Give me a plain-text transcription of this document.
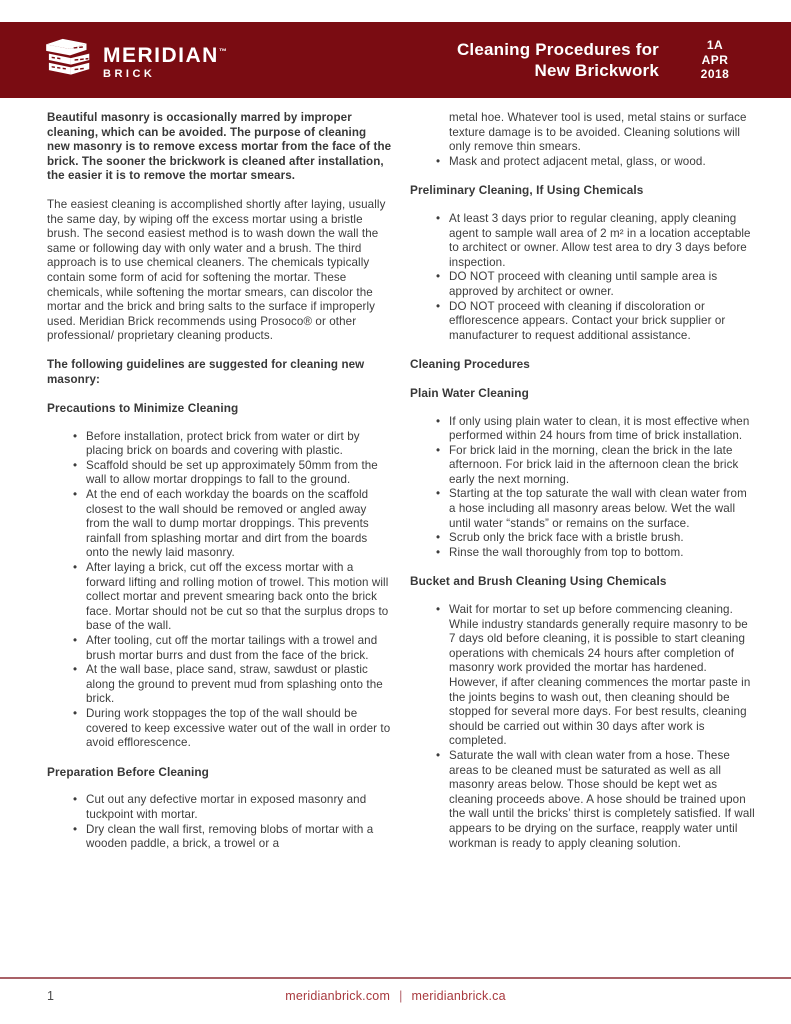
MERIDIAN™
BRICK
Cleaning Procedures for
New Brickwork
1A
APR
2018

Beautiful masonry is occasionally marred by improper cleaning, which can be avoided. The purpose of cleaning new masonry is to remove excess mortar from the face of the brick. The sooner the brickwork is cleaned after installation, the easier it is to remove the mortar smears.

The easiest cleaning is accomplished shortly after laying, usually the same day, by wiping off the excess mortar using a bristle brush. The second easiest method is to wash down the wall the same or following day with only water and a brush. The third approach is to use chemical cleaners. The chemicals typically contain some form of acid for softening the mortar. These chemicals, while softening the mortar smears, can discolor the mortar and the brick and bring salts to the surface if improperly used. Meridian Brick recommends using Prosoco® or other professional/ proprietary cleaning products.

The following guidelines are suggested for cleaning new masonry:

Precautions to Minimize Cleaning
• Before installation, protect brick from water or dirt by placing brick on boards and covering with plastic.
• Scaffold should be set up approximately 50mm from the wall to allow mortar droppings to fall to the ground.
• At the end of each workday the boards on the scaffold closest to the wall should be removed or angled away from the wall to dump mortar droppings. This prevents rainfall from splashing mortar and dirt from the boards onto the newly laid masonry.
• After laying a brick, cut off the excess mortar with a forward lifting and rolling motion of trowel. This motion will collect mortar and prevent smearing back onto the brick face. Mortar should not be cut so that the surplus drops to base of the wall.
• After tooling, cut off the mortar tailings with a trowel and brush mortar burrs and dust from the face of the brick.
• At the wall base, place sand, straw, sawdust or plastic along the ground to prevent mud from splashing onto the brick.
• During work stoppages the top of the wall should be covered to keep excessive water out of the wall in order to avoid efflorescence.
Preparation Before Cleaning
• Cut out any defective mortar in exposed masonry and tuckpoint with mortar.
• Dry clean the wall first, removing blobs of mortar with a wooden paddle, a brick, a trowel or a

metal hoe. Whatever tool is used, metal stains or surface texture damage is to be avoided. Cleaning solutions will only remove thin smears.

• Mask and protect adjacent metal, glass, or wood.
Preliminary Cleaning, If Using Chemicals
• At least 3 days prior to regular cleaning, apply cleaning agent to sample wall area of 2 m² in a location acceptable to architect or owner. Allow test area to dry 3 days before inspection.
• DO NOT proceed with cleaning until sample area is approved by architect or owner.
• DO NOT proceed with cleaning if discoloration or efflorescence appears. Contact your brick supplier or manufacturer to request additional assistance.
Cleaning Procedures
Plain Water Cleaning
• If only using plain water to clean, it is most effective when performed within 24 hours from time of brick installation.
• For brick laid in the morning, clean the brick in the late afternoon. For brick laid in the afternoon clean the brick early the next morning.
• Starting at the top saturate the wall with clean water from a hose including all masonry areas below. Wet the wall until water “stands” or remains on the surface.
• Scrub only the brick face with a bristle brush.
• Rinse the wall thoroughly from top to bottom.
Bucket and Brush Cleaning Using Chemicals
• Wait for mortar to set up before commencing cleaning. While industry standards generally require masonry to be 7 days old before cleaning, it is possible to start cleaning operations with chemicals 24 hours after completion of masonry work provided the mortar has hardened. However, if after cleaning commences the mortar paste in the joints begins to wash out, then cleaning should be stopped for several more days. For best results, cleaning should be carried out within 30 days after work is completed.
• Saturate the wall with clean water from a hose. These areas to be cleaned must be saturated as well as all masonry areas below. Those should be kept wet as cleaning proceeds above. A hose should be trained upon the wall until the bricks’ thirst is completely satisfied. If wall appears to be drying on the surface, reapply water until workman is ready to apply cleaning solution.
1	meridianbrick.com | meridianbrick.ca
